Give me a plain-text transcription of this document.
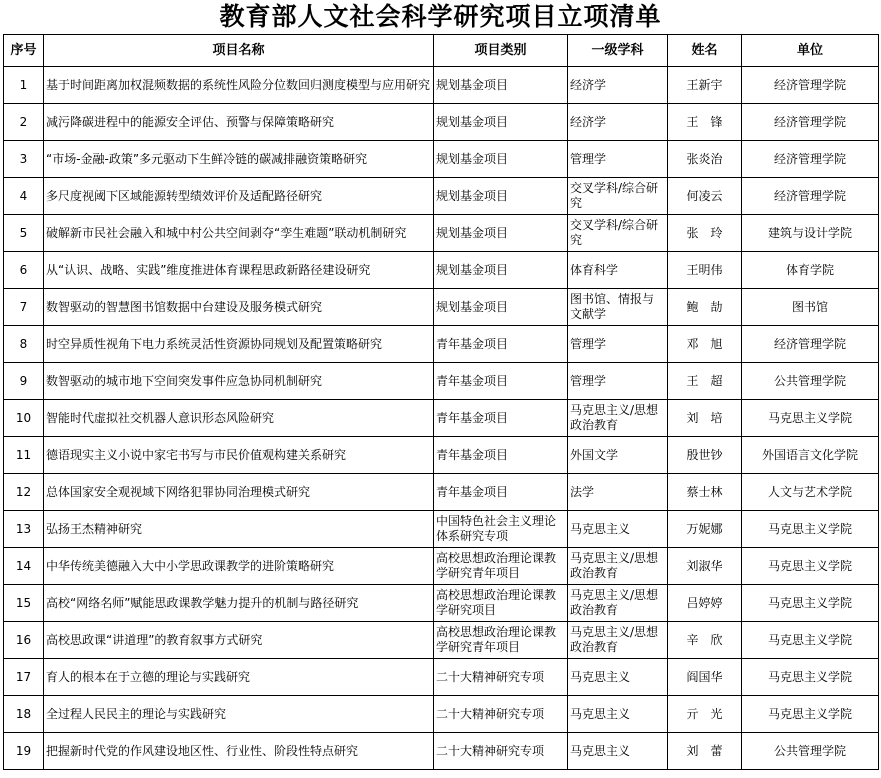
教育部人文社会科学研究项目立项清单
序号	项目名称	项目类别	一级学科	姓名	单位

1	基于时间距离加权混频数据的系统性风险分位数回归测度模型与应用研究	规划基金项目	经济学	王新宇	经济管理学院

2	减污降碳进程中的能源安全评估、预警与保障策略研究	规划基金项目	经济学	王　锋	经济管理学院

3	“市场-金融-政策”多元驱动下生鲜冷链的碳减排融资策略研究	规划基金项目	管理学	张炎治	经济管理学院

4	多尺度视阈下区域能源转型绩效评价及适配路径研究	规划基金项目	交叉学科/综合研究	何凌云	经济管理学院

5	破解新市民社会融入和城中村公共空间剥夺“孪生难题”联动机制研究	规划基金项目	交叉学科/综合研究	张　玲	建筑与设计学院

6	从“认识、战略、实践”维度推进体育课程思政新路径建设研究	规划基金项目	体育科学	王明伟	体育学院

7	数智驱动的智慧图书馆数据中台建设及服务模式研究	规划基金项目	图书馆、情报与文献学	鲍　劼	图书馆

8	时空异质性视角下电力系统灵活性资源协同规划及配置策略研究	青年基金项目	管理学	邓　旭	经济管理学院

9	数智驱动的城市地下空间突发事件应急协同机制研究	青年基金项目	管理学	王　超	公共管理学院

10	智能时代虚拟社交机器人意识形态风险研究	青年基金项目	马克思主义/思想政治教育	刘　培	马克思主义学院

11	德语现实主义小说中家宅书写与市民价值观构建关系研究	青年基金项目	外国文学	殷世钞	外国语言文化学院

12	总体国家安全观视域下网络犯罪协同治理模式研究	青年基金项目	法学	蔡士林	人文与艺术学院

13	弘扬王杰精神研究	中国特色社会主义理论体系研究专项	马克思主义	万妮娜	马克思主义学院

14	中华传统美德融入大中小学思政课教学的进阶策略研究	高校思想政治理论课教学研究青年项目	马克思主义/思想政治教育	刘淑华	马克思主义学院

15	高校“网络名师”赋能思政课教学魅力提升的机制与路径研究	高校思想政治理论课教学研究项目	马克思主义/思想政治教育	吕婷婷	马克思主义学院

16	高校思政课“讲道理”的教育叙事方式研究	高校思想政治理论课教学研究青年项目	马克思主义/思想政治教育	辛　欣	马克思主义学院

17	育人的根本在于立德的理论与实践研究	二十大精神研究专项	马克思主义	阎国华	马克思主义学院

18	全过程人民民主的理论与实践研究	二十大精神研究专项	马克思主义	亓　光	马克思主义学院

19	把握新时代党的作风建设地区性、行业性、阶段性特点研究	二十大精神研究专项	马克思主义	刘　蕾	公共管理学院
